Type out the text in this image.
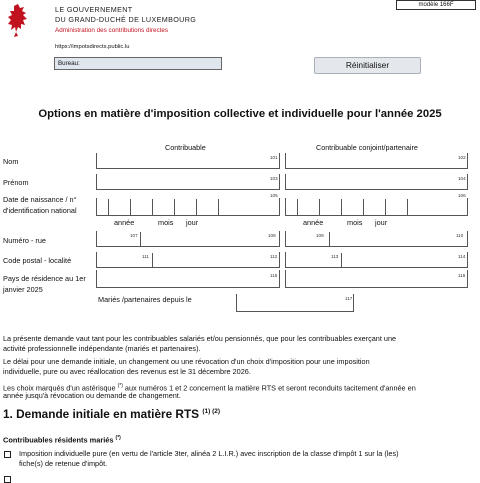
LE GOUVERNEMENT
DU GRAND-DUCHÉ DE LUXEMBOURG
Administration des contributions directes
modèle 166F
https://impotsdirects.public.lu
Bureau:	Réinitialiser
Options en matière d'imposition collective et individuelle pour l'année 2025
Contribuable	Contribuable conjoint/partenaire
Nom	101	102
Prénom	103	104
Date de naissance / n°
d'identification national
105	106
année	mois jour	année	mois jour
Numéro - rue
107	108	109	110
Code postal - localité	111	112	113	114
Pays de résidence au 1er
janvier 2025
115	116
Mariés /partenaires depuis le	117
La présente demande vaut tant pour les contribuables salariés et/ou pensionnés, que pour les contribuables exerçant une
activité professionnelle indépendante (mariés et partenaires).
Le délai pour une demande initiale, un changement ou une révocation d'un choix d'imposition pour une imposition
individuelle, pure ou avec réallocation des revenus est le 31 décembre 2026.
Les choix marqués d'un astérisque (*) aux numéros 1 et 2 concernent la matière RTS et seront reconduits tacitement d'année en
année jusqu'à révocation ou demande de changement.
1. Demande initiale en matière RTS $^{(1) (2)}$
Contribuables résidents mariés (*)
Imposition individuelle pure (en vertu de l'article 3ter, alinéa 2 L.I.R.) avec inscription de la classe d'impôt 1 sur la (les)
fiche(s) de retenue d'impôt.
